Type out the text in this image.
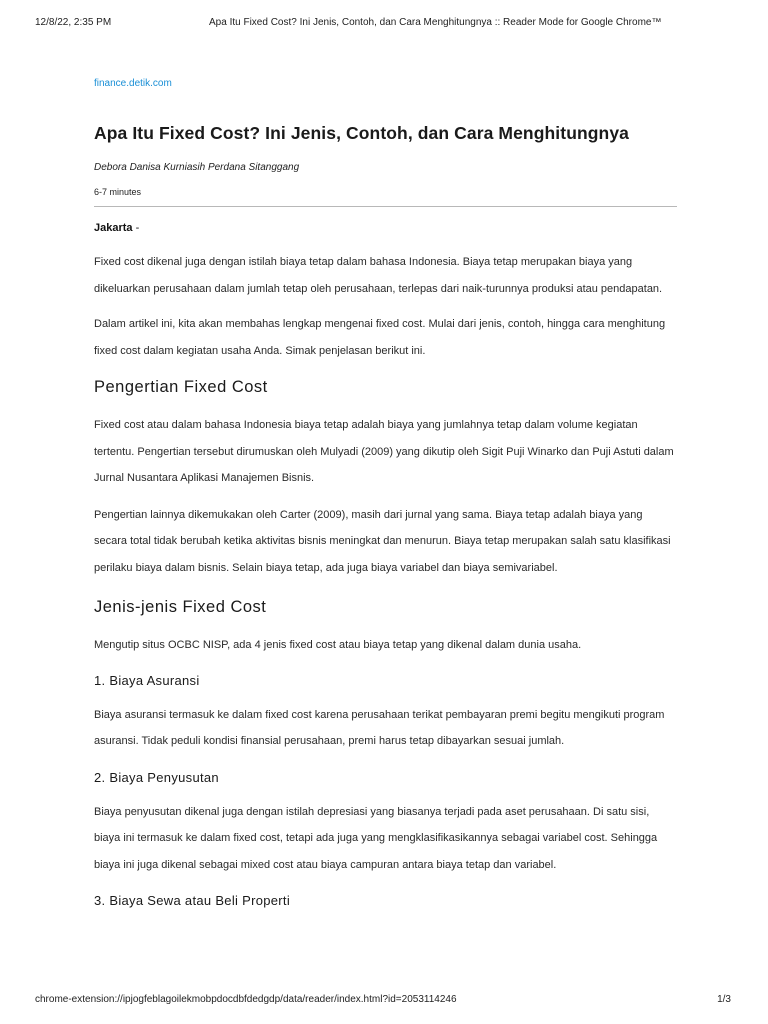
12/8/22, 2:35 PM	Apa Itu Fixed Cost? Ini Jenis, Contoh, dan Cara Menghitungnya :: Reader Mode for Google Chrome™
finance.detik.com
Apa Itu Fixed Cost? Ini Jenis, Contoh, dan Cara Menghitungnya
Debora Danisa Kurniasih Perdana Sitanggang
6-7 minutes
Jakarta -

Fixed cost dikenal juga dengan istilah biaya tetap dalam bahasa Indonesia. Biaya tetap merupakan biaya yang dikeluarkan perusahaan dalam jumlah tetap oleh perusahaan, terlepas dari naik-turunnya produksi atau pendapatan.

Dalam artikel ini, kita akan membahas lengkap mengenai fixed cost. Mulai dari jenis, contoh, hingga cara menghitung fixed cost dalam kegiatan usaha Anda. Simak penjelasan berikut ini.

Pengertian Fixed Cost

Fixed cost atau dalam bahasa Indonesia biaya tetap adalah biaya yang jumlahnya tetap dalam volume kegiatan tertentu. Pengertian tersebut dirumuskan oleh Mulyadi (2009) yang dikutip oleh Sigit Puji Winarko dan Puji Astuti dalam Jurnal Nusantara Aplikasi Manajemen Bisnis.

Pengertian lainnya dikemukakan oleh Carter (2009), masih dari jurnal yang sama. Biaya tetap adalah biaya yang secara total tidak berubah ketika aktivitas bisnis meningkat dan menurun. Biaya tetap merupakan salah satu klasifikasi perilaku biaya dalam bisnis. Selain biaya tetap, ada juga biaya variabel dan biaya semivariabel.

Jenis-jenis Fixed Cost

Mengutip situs OCBC NISP, ada 4 jenis fixed cost atau biaya tetap yang dikenal dalam dunia usaha.

1. Biaya Asuransi

Biaya asuransi termasuk ke dalam fixed cost karena perusahaan terikat pembayaran premi begitu mengikuti program asuransi. Tidak peduli kondisi finansial perusahaan, premi harus tetap dibayarkan sesuai jumlah.

2. Biaya Penyusutan

Biaya penyusutan dikenal juga dengan istilah depresiasi yang biasanya terjadi pada aset perusahaan. Di satu sisi, biaya ini termasuk ke dalam fixed cost, tetapi ada juga yang mengklasifikasikannya sebagai variabel cost. Sehingga biaya ini juga dikenal sebagai mixed cost atau biaya campuran antara biaya tetap dan variabel.

3. Biaya Sewa atau Beli Properti
chrome-extension://ipjogfeblagoilekmobpdocdbfdedgdp/data/reader/index.html?id=2053114246	1/3
